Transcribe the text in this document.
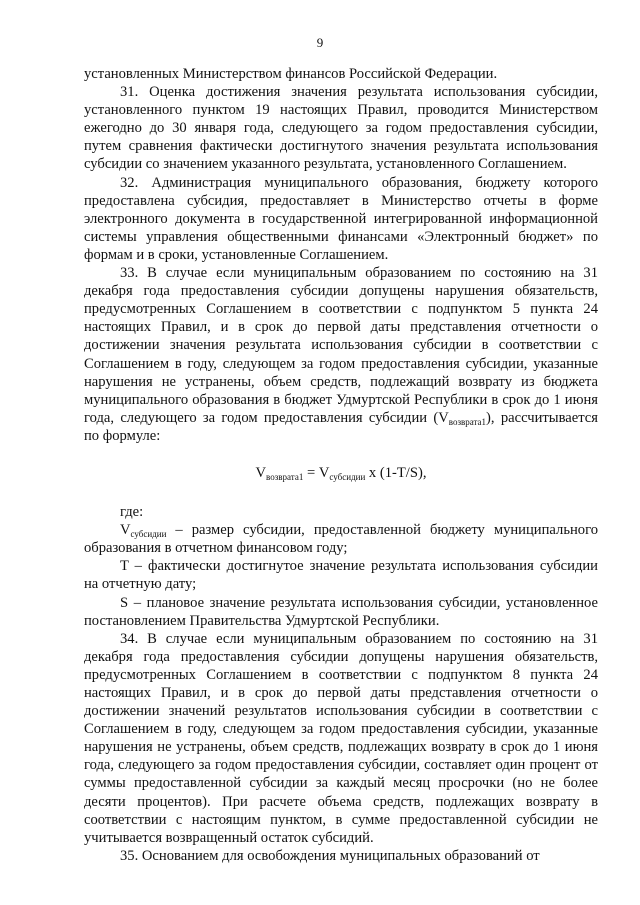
9

установленных Министерством финансов Российской Федерации.

31. Оценка достижения значения результата использования субсидии, установленного пунктом 19 настоящих Правил, проводится Министерством ежегодно до 30 января года, следующего за годом предоставления субсидии, путем сравнения фактически достигнутого значения результата использования субсидии со значением указанного результата, установленного Соглашением.

32. Администрация муниципального образования, бюджету которого предоставлена субсидия, предоставляет в Министерство отчеты в форме электронного документа в государственной интегрированной информационной системы управления общественными финансами «Электронный бюджет» по формам и в сроки, установленные Соглашением.

33. В случае если муниципальным образованием по состоянию на 31 декабря года предоставления субсидии допущены нарушения обязательств, предусмотренных Соглашением в соответствии с подпунктом 5 пункта 24 настоящих Правил, и в срок до первой даты представления отчетности о достижении значения результата использования субсидии в соответствии с Соглашением в году, следующем за годом предоставления субсидии, указанные нарушения не устранены, объем средств, подлежащий возврату из бюджета муниципального образования в бюджет Удмуртской Республики в срок до 1 июня года, следующего за годом предоставления субсидии $(V_{возврата1})$, рассчитывается по формуле:

$V_{возврата1} = V_{субсидии}$ x (1-T/S),

где:

$V_{субсидии}$ – размер субсидии, предоставленной бюджету муниципального образования в отчетном финансовом году;

T – фактически достигнутое значение результата использования субсидии на отчетную дату;

S – плановое значение результата использования субсидии, установленное постановлением Правительства Удмуртской Республики.

34. В случае если муниципальным образованием по состоянию на 31 декабря года предоставления субсидии допущены нарушения обязательств, предусмотренных Соглашением в соответствии с подпунктом 8 пункта 24 настоящих Правил, и в срок до первой даты представления отчетности о достижении значений результатов использования субсидии в соответствии с Соглашением в году, следующем за годом предоставления субсидии, указанные нарушения не устранены, объем средств, подлежащих возврату в срок до 1 июня года, следующего за годом предоставления субсидии, составляет один процент от суммы предоставленной субсидии за каждый месяц просрочки (но не более десяти процентов). При расчете объема средств, подлежащих возврату в соответствии с настоящим пунктом, в сумме предоставленной субсидии не учитывается возвращенный остаток субсидий.

35. Основанием для освобождения муниципальных образований от
